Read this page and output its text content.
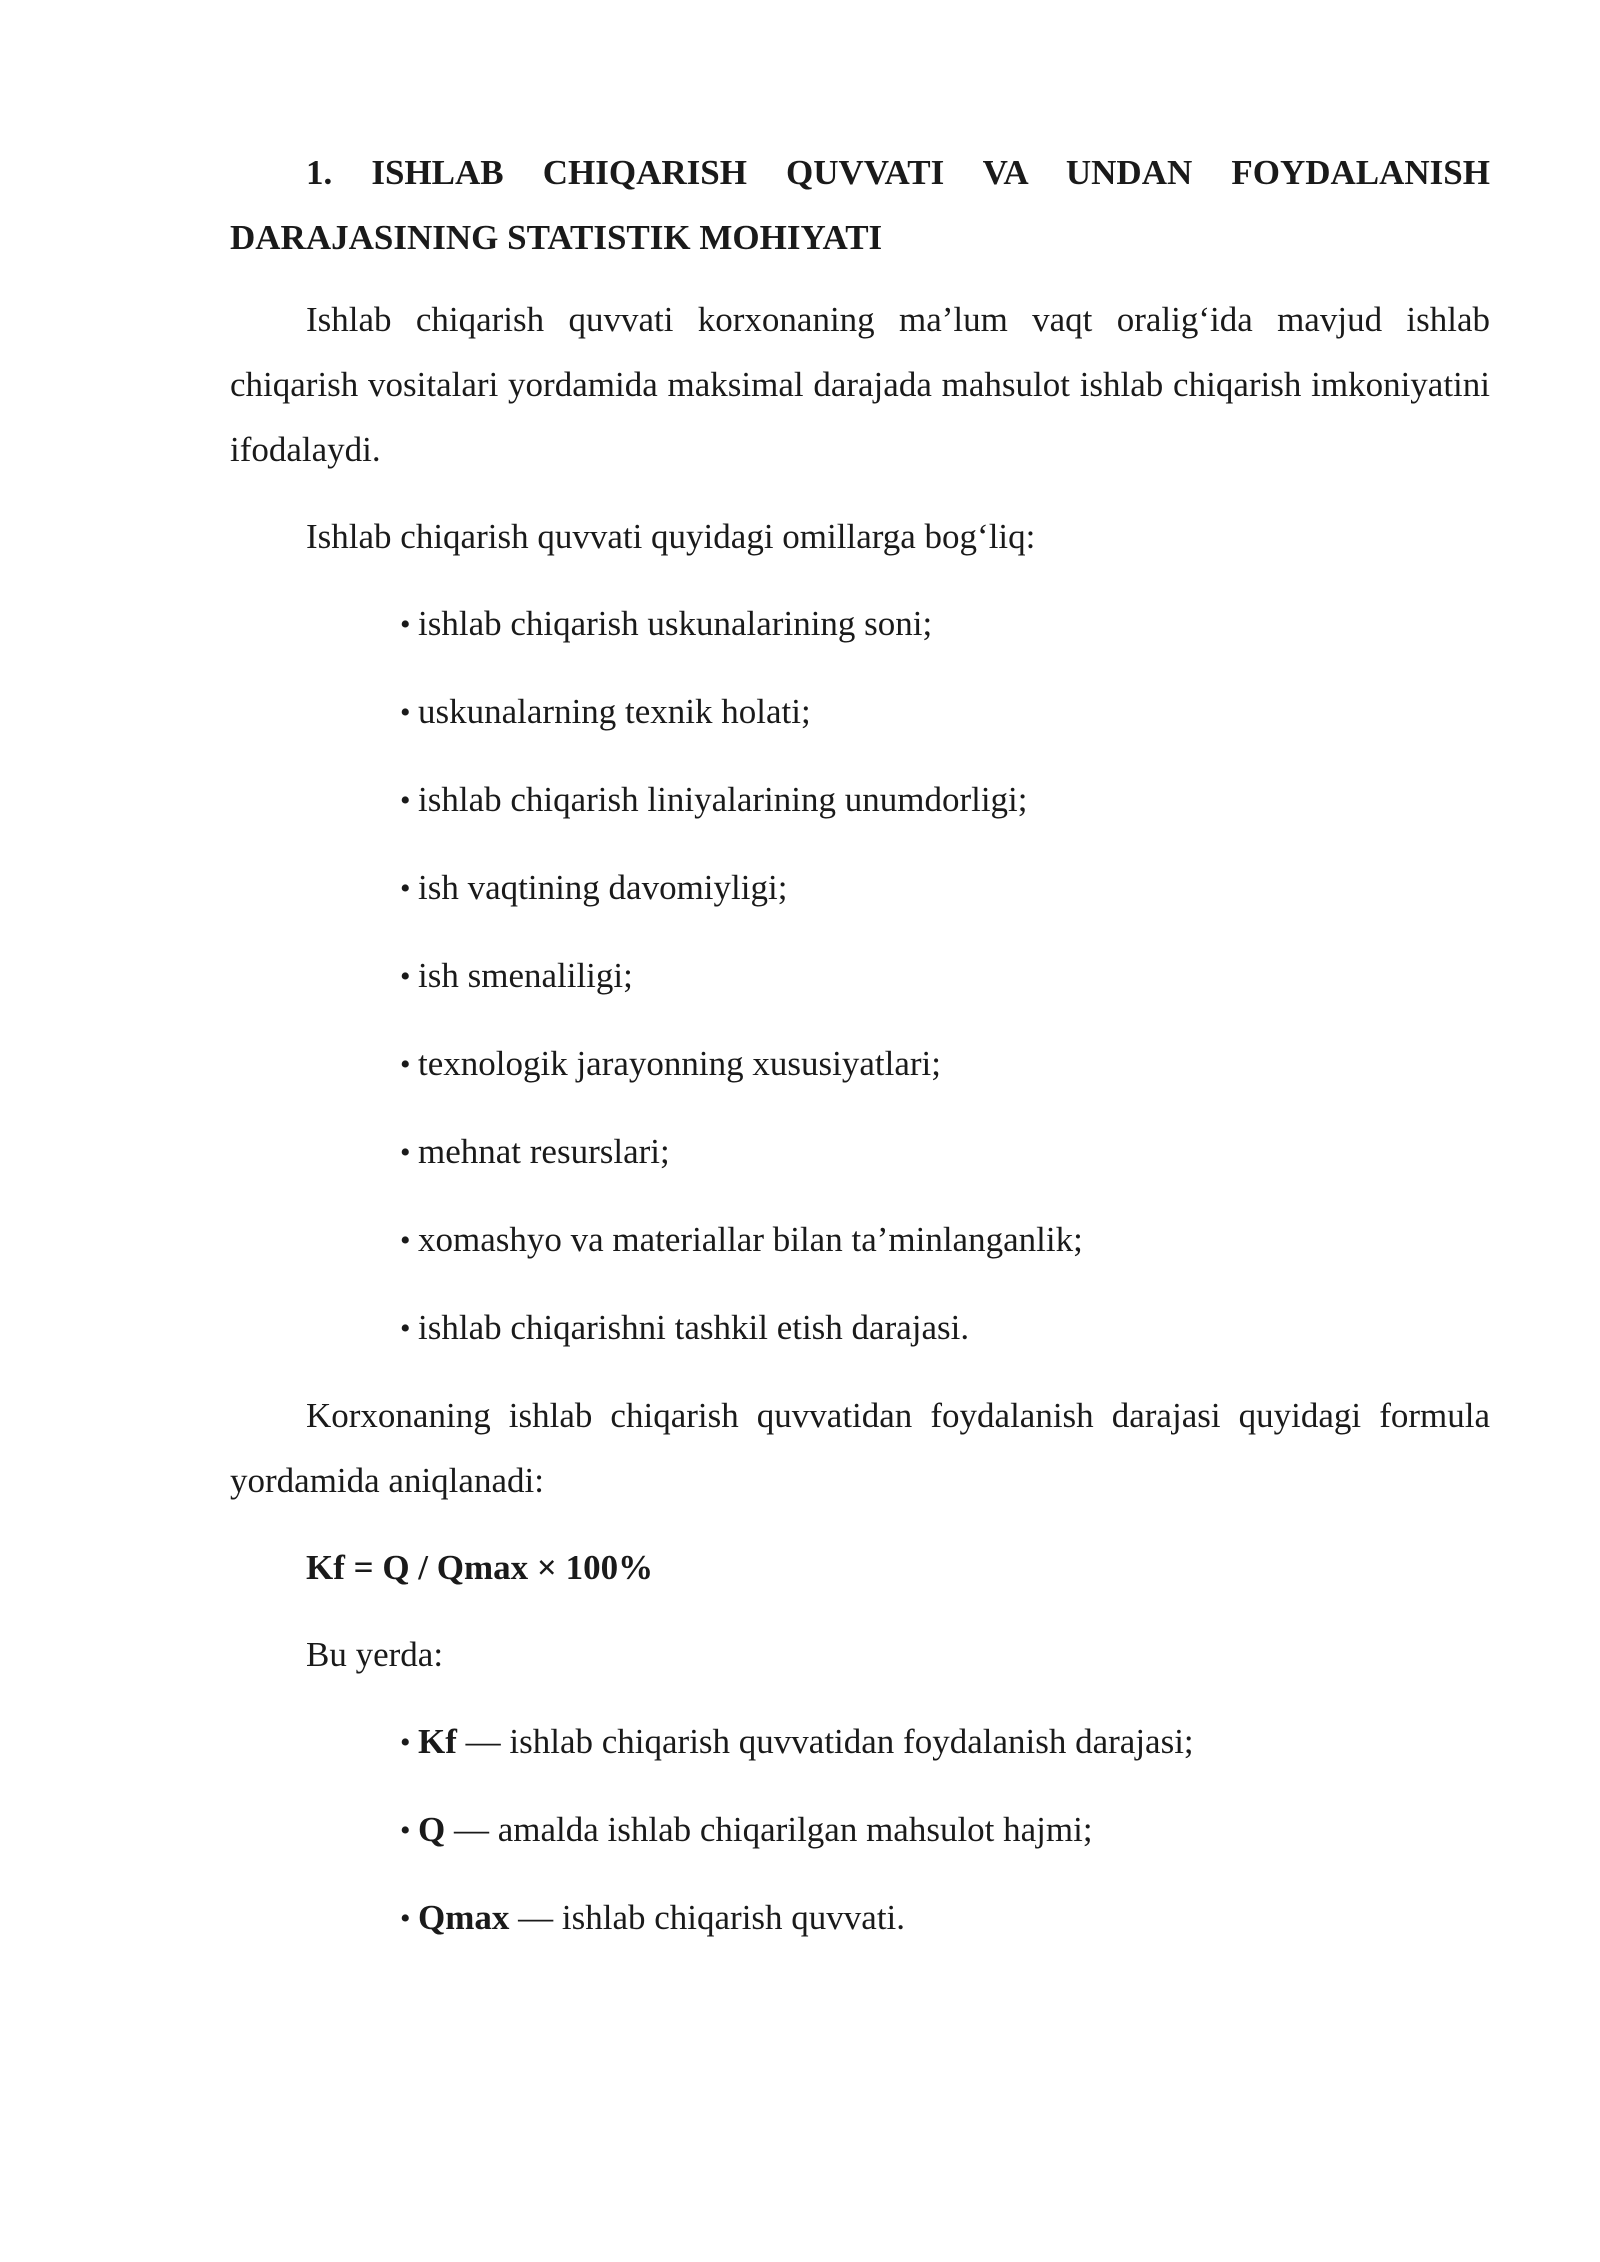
1. ISHLAB CHIQARISH QUVVATI VA UNDAN FOYDALANISH DARAJASINING STATISTIK MOHIYATI

Ishlab chiqarish quvvati korxonaning ma’lum vaqt oralig‘ida mavjud ishlab chiqarish vositalari yordamida maksimal darajada mahsulot ishlab chiqarish imkoniyatini ifodalaydi.

Ishlab chiqarish quvvati quyidagi omillarga bog‘liq:

• ishlab chiqarish uskunalarining soni;
• uskunalarning texnik holati;
• ishlab chiqarish liniyalarining unumdorligi;
• ish vaqtining davomiyligi;
• ish smenaliligi;
• texnologik jarayonning xususiyatlari;
• mehnat resurslari;
• xomashyo va materiallar bilan ta’minlanganlik;
• ishlab chiqarishni tashkil etish darajasi.

Korxonaning ishlab chiqarish quvvatidan foydalanish darajasi quyidagi formula yordamida aniqlanadi:

Kf = Q / Qmax × 100%

Bu yerda:

• Kf — ishlab chiqarish quvvatidan foydalanish darajasi;
• Q — amalda ishlab chiqarilgan mahsulot hajmi;
• Qmax — ishlab chiqarish quvvati.
